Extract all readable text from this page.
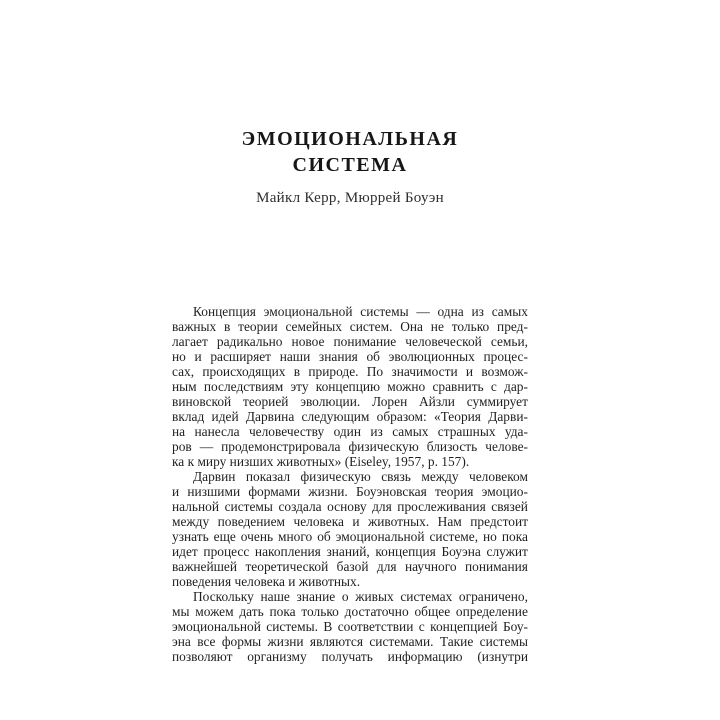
ЭМОЦИОНАЛЬНАЯ
СИСТЕМА
Майкл Керр, Мюррей Боуэн

Концепция эмоциональной системы — одна из самых
важных в теории семейных систем. Она не только пред-
лагает радикально новое понимание человеческой семьи,
но и расширяет наши знания об эволюционных процес-
сах, происходящих в природе. По значимости и возмож-
ным последствиям эту концепцию можно сравнить с дар-
виновской теорией эволюции. Лорен Айзли суммирует
вклад идей Дарвина следующим образом: «Теория Дарви-
на нанесла человечеству один из самых страшных уда-
ров — продемонстрировала физическую близость челове-
ка к миру низших животных» (Eiseley, 1957, p. 157).

Дарвин показал физическую связь между человеком
и низшими формами жизни. Боуэновская теория эмоцио-
нальной системы создала основу для прослеживания связей
между поведением человека и животных. Нам предстоит
узнать еще очень много об эмоциональной системе, но пока
идет процесс накопления знаний, концепция Боуэна служит
важнейшей теоретической базой для научного понимания
поведения человека и животных.

Поскольку наше знание о живых системах ограничено,
мы можем дать пока только достаточно общее определение
эмоциональной системы. В соответствии с концепцией Боу-
эна все формы жизни являются системами. Такие системы
позволяют организму получать информацию (изнутри
